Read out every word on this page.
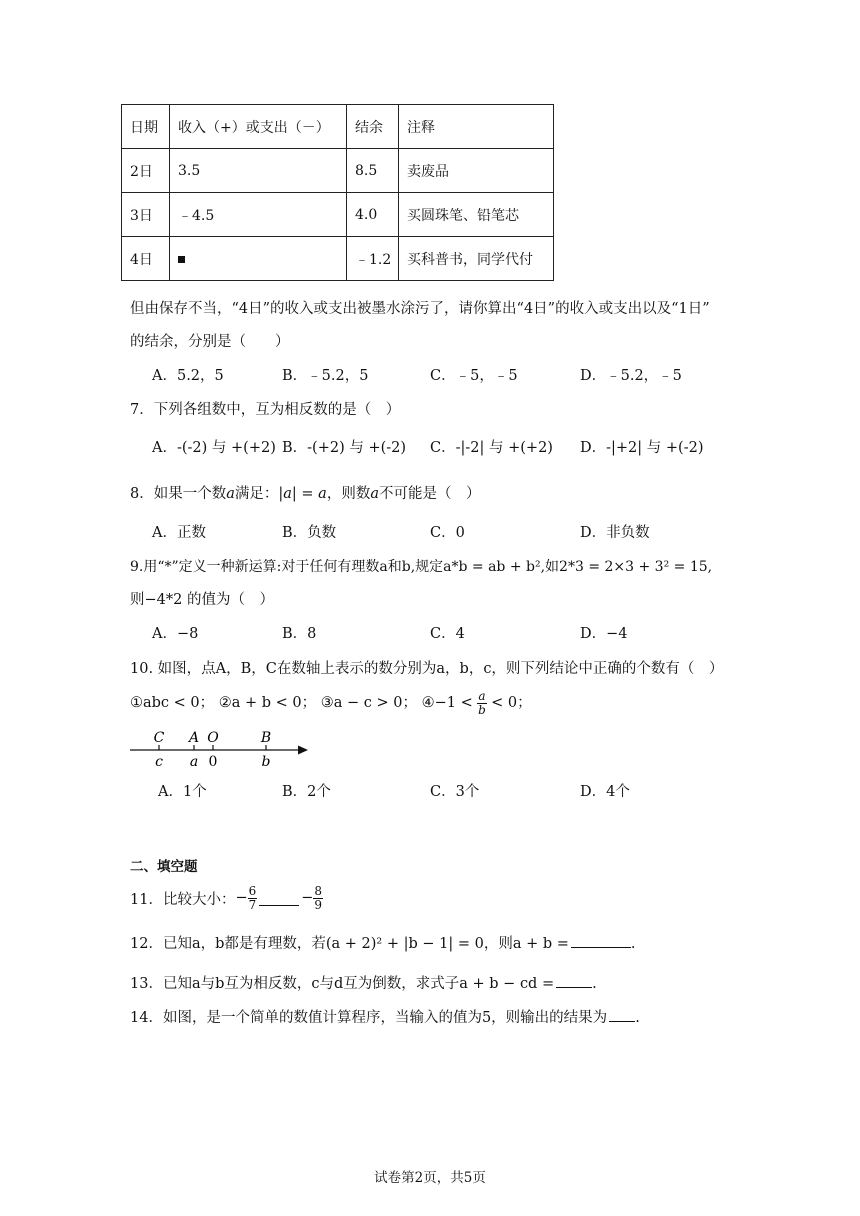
日期	收入（+）或支出（－）	结余	注释
2日	3.5	8.5	卖废品
3日	﹣4.5	4.0	买圆珠笔、铅笔芯
4日		﹣1.2	买科普书，同学代付
但由保存不当，“4日”的收入或支出被墨水涂污了，请你算出“4日”的收入或支出以及“1日”
的结余，分别是（　　）
A．5.2，5	B．﹣5.2，5	C．﹣5，﹣5	D．﹣5.2，﹣5
7．下列各组数中，互为相反数的是（　）
A．-(-2) 与 +(+2) B．-(+2) 与 +(-2) C．-|-2| 与 +(+2) D．-|+2| 与 +(-2)
8．如果一个数a满足：|a| = a，则数a不可能是（　）
A．正数	B．负数	C．0	D．非负数
9.用“*”定义一种新运算:对于任何有理数a和b,规定a*b = ab + b²,如2*3 = 2×3 + 3² = 15,
则−4*2 的值为（　）
A．−8	B．8	C．4	D．−4
10. 如图，点A，B，C在数轴上表示的数分别为a，b，c，则下列结论中正确的个数有（　）
①abc < 0； ②a + b < 0； ③a − c > 0； ④−1 < $\frac{a}{b} < 0$；
C
c
A
a
O
0
B
b
A．1个	B．2个	C．3个	D．4个
二、填空题
11．比较大小： − $\frac{6}{7}$	− $\frac{8}{9}$
12．已知a，b都是有理数，若(a + 2)² + |b − 1| = 0，则a + b =	.
13．已知a与b互为相反数，c与d互为倒数，求式子a + b − cd =	.
14．如图，是一个简单的数值计算程序，当输入的值为5，则输出的结果为 .
试卷第2页，共5页
